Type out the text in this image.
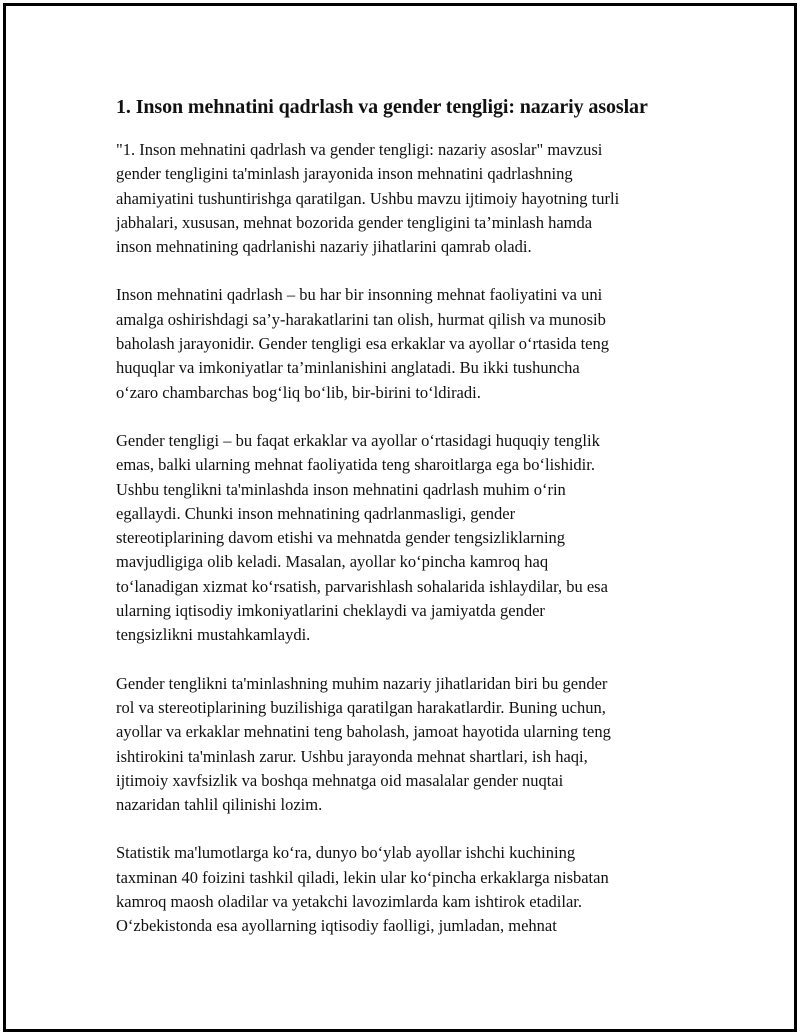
1. Inson mehnatini qadrlash va gender tengligi: nazariy asoslar
"1. Inson mehnatini qadrlash va gender tengligi: nazariy asoslar" mavzusi
gender tengligini ta'minlash jarayonida inson mehnatini qadrlashning
ahamiyatini tushuntirishga qaratilgan. Ushbu mavzu ijtimoiy hayotning turli
jabhalari, xususan, mehnat bozorida gender tengligini ta’minlash hamda
inson mehnatining qadrlanishi nazariy jihatlarini qamrab oladi.
Inson mehnatini qadrlash – bu har bir insonning mehnat faoliyatini va uni
amalga oshirishdagi sa’y-harakatlarini tan olish, hurmat qilish va munosib
baholash jarayonidir. Gender tengligi esa erkaklar va ayollar o‘rtasida teng
huquqlar va imkoniyatlar ta’minlanishini anglatadi. Bu ikki tushuncha
o‘zaro chambarchas bog‘liq bo‘lib, bir-birini to‘ldiradi.
Gender tengligi – bu faqat erkaklar va ayollar o‘rtasidagi huquqiy tenglik
emas, balki ularning mehnat faoliyatida teng sharoitlarga ega bo‘lishidir.
Ushbu tenglikni ta'minlashda inson mehnatini qadrlash muhim o‘rin
egallaydi. Chunki inson mehnatining qadrlanmasligi, gender
stereotiplarining davom etishi va mehnatda gender tengsizliklarning
mavjudligiga olib keladi. Masalan, ayollar ko‘pincha kamroq haq
to‘lanadigan xizmat ko‘rsatish, parvarishlash sohalarida ishlaydilar, bu esa
ularning iqtisodiy imkoniyatlarini cheklaydi va jamiyatda gender
tengsizlikni mustahkamlaydi.
Gender tenglikni ta'minlashning muhim nazariy jihatlaridan biri bu gender
rol va stereotiplarining buzilishiga qaratilgan harakatlardir. Buning uchun,
ayollar va erkaklar mehnatini teng baholash, jamoat hayotida ularning teng
ishtirokini ta'minlash zarur. Ushbu jarayonda mehnat shartlari, ish haqi,
ijtimoiy xavfsizlik va boshqa mehnatga oid masalalar gender nuqtai
nazaridan tahlil qilinishi lozim.
Statistik ma'lumotlarga ko‘ra, dunyo bo‘ylab ayollar ishchi kuchining
taxminan 40 foizini tashkil qiladi, lekin ular ko‘pincha erkaklarga nisbatan
kamroq maosh oladilar va yetakchi lavozimlarda kam ishtirok etadilar.
O‘zbekistonda esa ayollarning iqtisodiy faolligi, jumladan, mehnat
